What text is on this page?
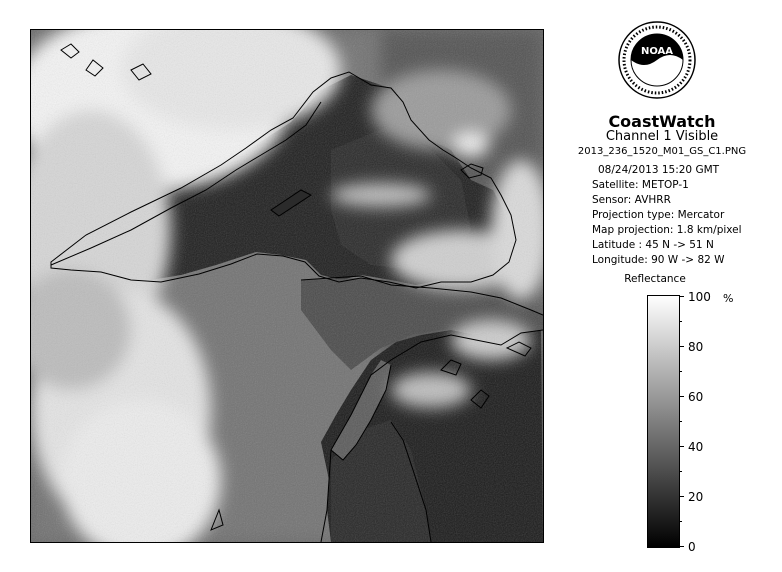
NOAA
CoastWatch
Channel 1 Visible
2013_236_1520_M01_GS_C1.PNG
08/24/2013 15:20 GMT
Satellite: METOP-1
Sensor: AVHRR
Projection type: Mercator
Map projection: 1.8 km/pixel
Latitude : 45 N -> 51 N
Longitude: 90 W -> 82 W
Reflectance
%
100
80
60
40
20
0
